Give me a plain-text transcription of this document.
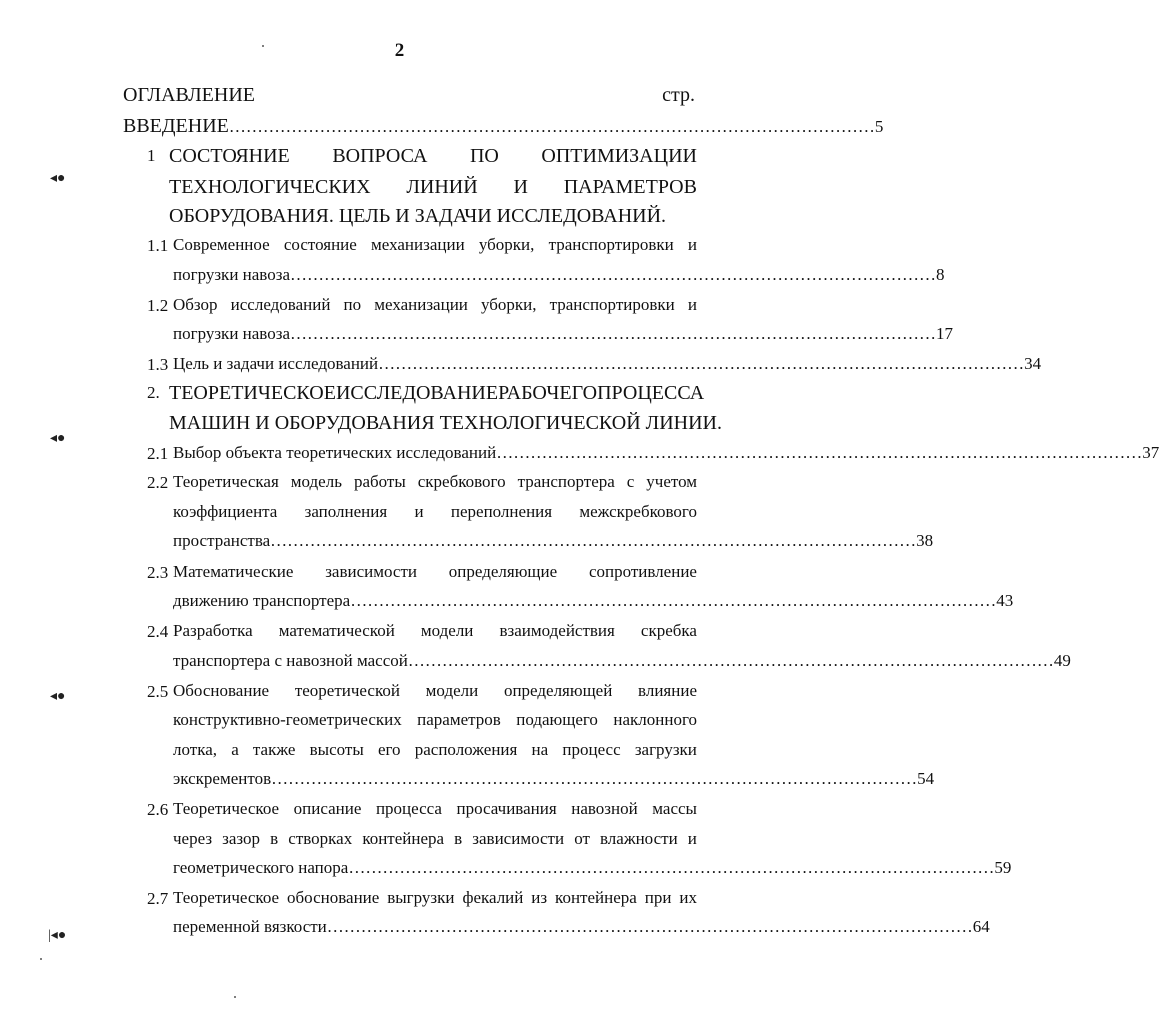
2
ОГЛАВЛЕНИЕ	стр.
ВВЕДЕНИЕ …………………………………………………………………………………………………… 5
1 СОСТОЯНИЕ ВОПРОСА ПО ОПТИМИЗАЦИИ
ТЕХНОЛОГИЧЕСКИХ ЛИНИЙ И ПАРАМЕТРОВ
ОБОРУДОВАНИЯ. ЦЕЛЬ И ЗАДАЧИ ИССЛЕДОВАНИЙ.
1.1 Современное состояние механизации уборки, транспортировки и
погрузки навоза …………………………………………………………………………………………………… 8
1.2 Обзор исследований по механизации уборки, транспортировки и
погрузки навоза …………………………………………………………………………………………………… 17
1.3 Цель и задачи исследований …………………………………………………………………………………………………… 34
2. ТЕОРЕТИЧЕСКОЕ ИССЛЕДОВАНИЕ РАБОЧЕГО ПРОЦЕССА
МАШИН И ОБОРУДОВАНИЯ ТЕХНОЛОГИЧЕСКОЙ ЛИНИИ.
2.1 Выбор объекта теоретических исследований …………………………………………………………………………………………………… 37
2.2 Теоретическая модель работы скребкового транспортера с учетом
коэффициента заполнения и переполнения межскребкового
пространства …………………………………………………………………………………………………… 38
2.3 Математические зависимости определяющие сопротивление
движению транспортера …………………………………………………………………………………………………… 43
2.4 Разработка математической модели взаимодействия скребка
транспортера с навозной массой …………………………………………………………………………………………………… 49
2.5 Обоснование теоретической модели определяющей влияние
конструктивно-геометрических параметров подающего наклонного
лотка, а также высоты его расположения на процесс загрузки
экскрементов …………………………………………………………………………………………………… 54
2.6 Теоретическое описание процесса просачивания навозной массы
через зазор в створках контейнера в зависимости от влажности и
геометрического напора …………………………………………………………………………………………………… 59
2.7 Теоретическое обоснование выгрузки фекалий из контейнера при их
переменной вязкости …………………………………………………………………………………………………… 64
◂●
◂●
◂●
|◂●
